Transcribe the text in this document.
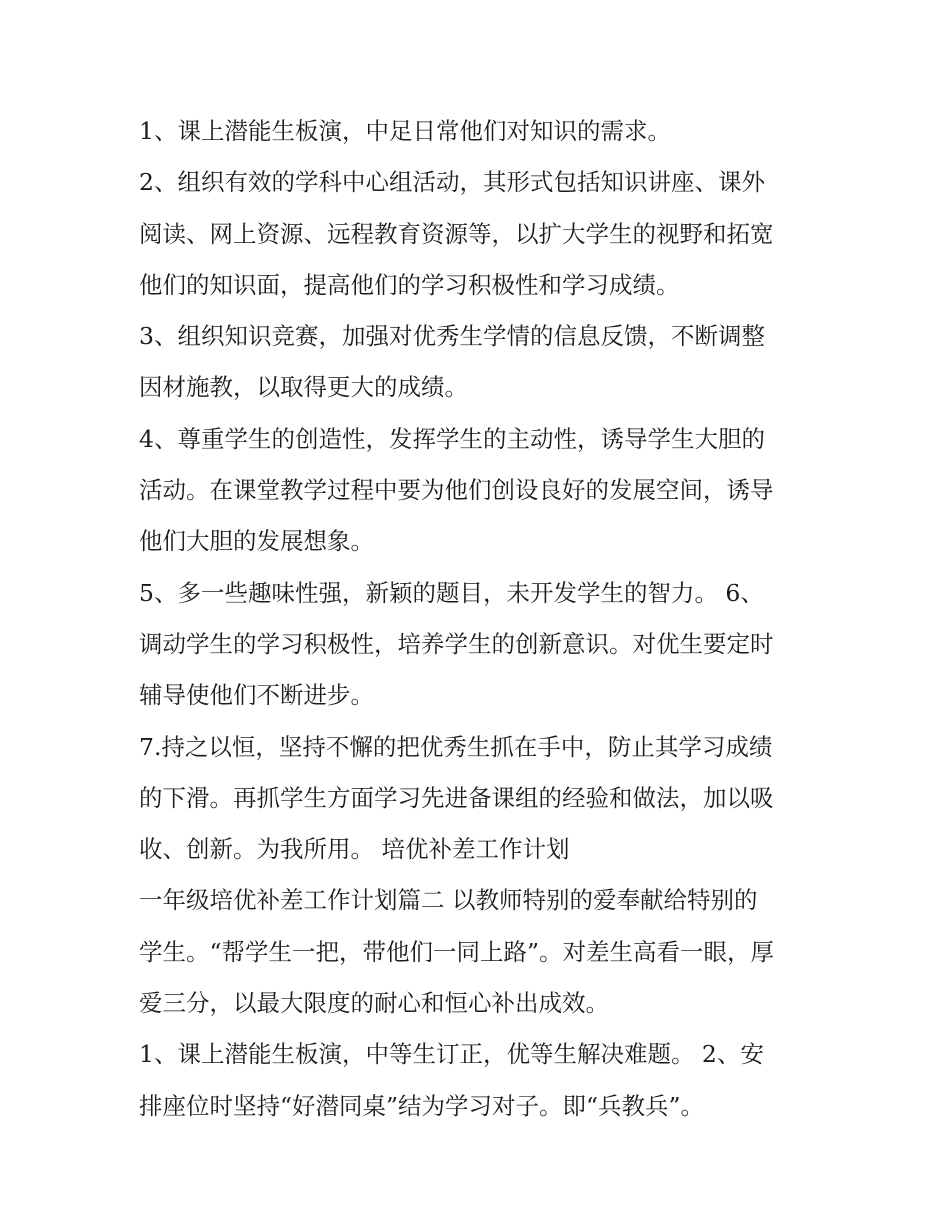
1、课上潜能生板演，中足日常他们对知识的需求。
2、组织有效的学科中心组活动，其形式包括知识讲座、课外
阅读、网上资源、远程教育资源等，以扩大学生的视野和拓宽
他们的知识面，提高他们的学习积极性和学习成绩。
3、组织知识竞赛，加强对优秀生学情的信息反馈，不断调整
因材施教，以取得更大的成绩。
4、尊重学生的创造性，发挥学生的主动性，诱导学生大胆的
活动。在课堂教学过程中要为他们创设良好的发展空间，诱导
他们大胆的发展想象。
5、多一些趣味性强，新颖的题目，未开发学生的智力。 6、
调动学生的学习积极性，培养学生的创新意识。对优生要定时
辅导使他们不断进步。
7.持之以恒，坚持不懈的把优秀生抓在手中，防止其学习成绩
的下滑。再抓学生方面学习先进备课组的经验和做法，加以吸
收、创新。为我所用。 培优补差工作计划
一年级培优补差工作计划篇二 以教师特别的爱奉献给特别的
学生。“帮学生一把，带他们一同上路”。对差生高看一眼，厚
爱三分，以最大限度的耐心和恒心补出成效。
1、课上潜能生板演，中等生订正，优等生解决难题。 2、安
排座位时坚持“好潜同桌”结为学习对子。即“兵教兵”。
